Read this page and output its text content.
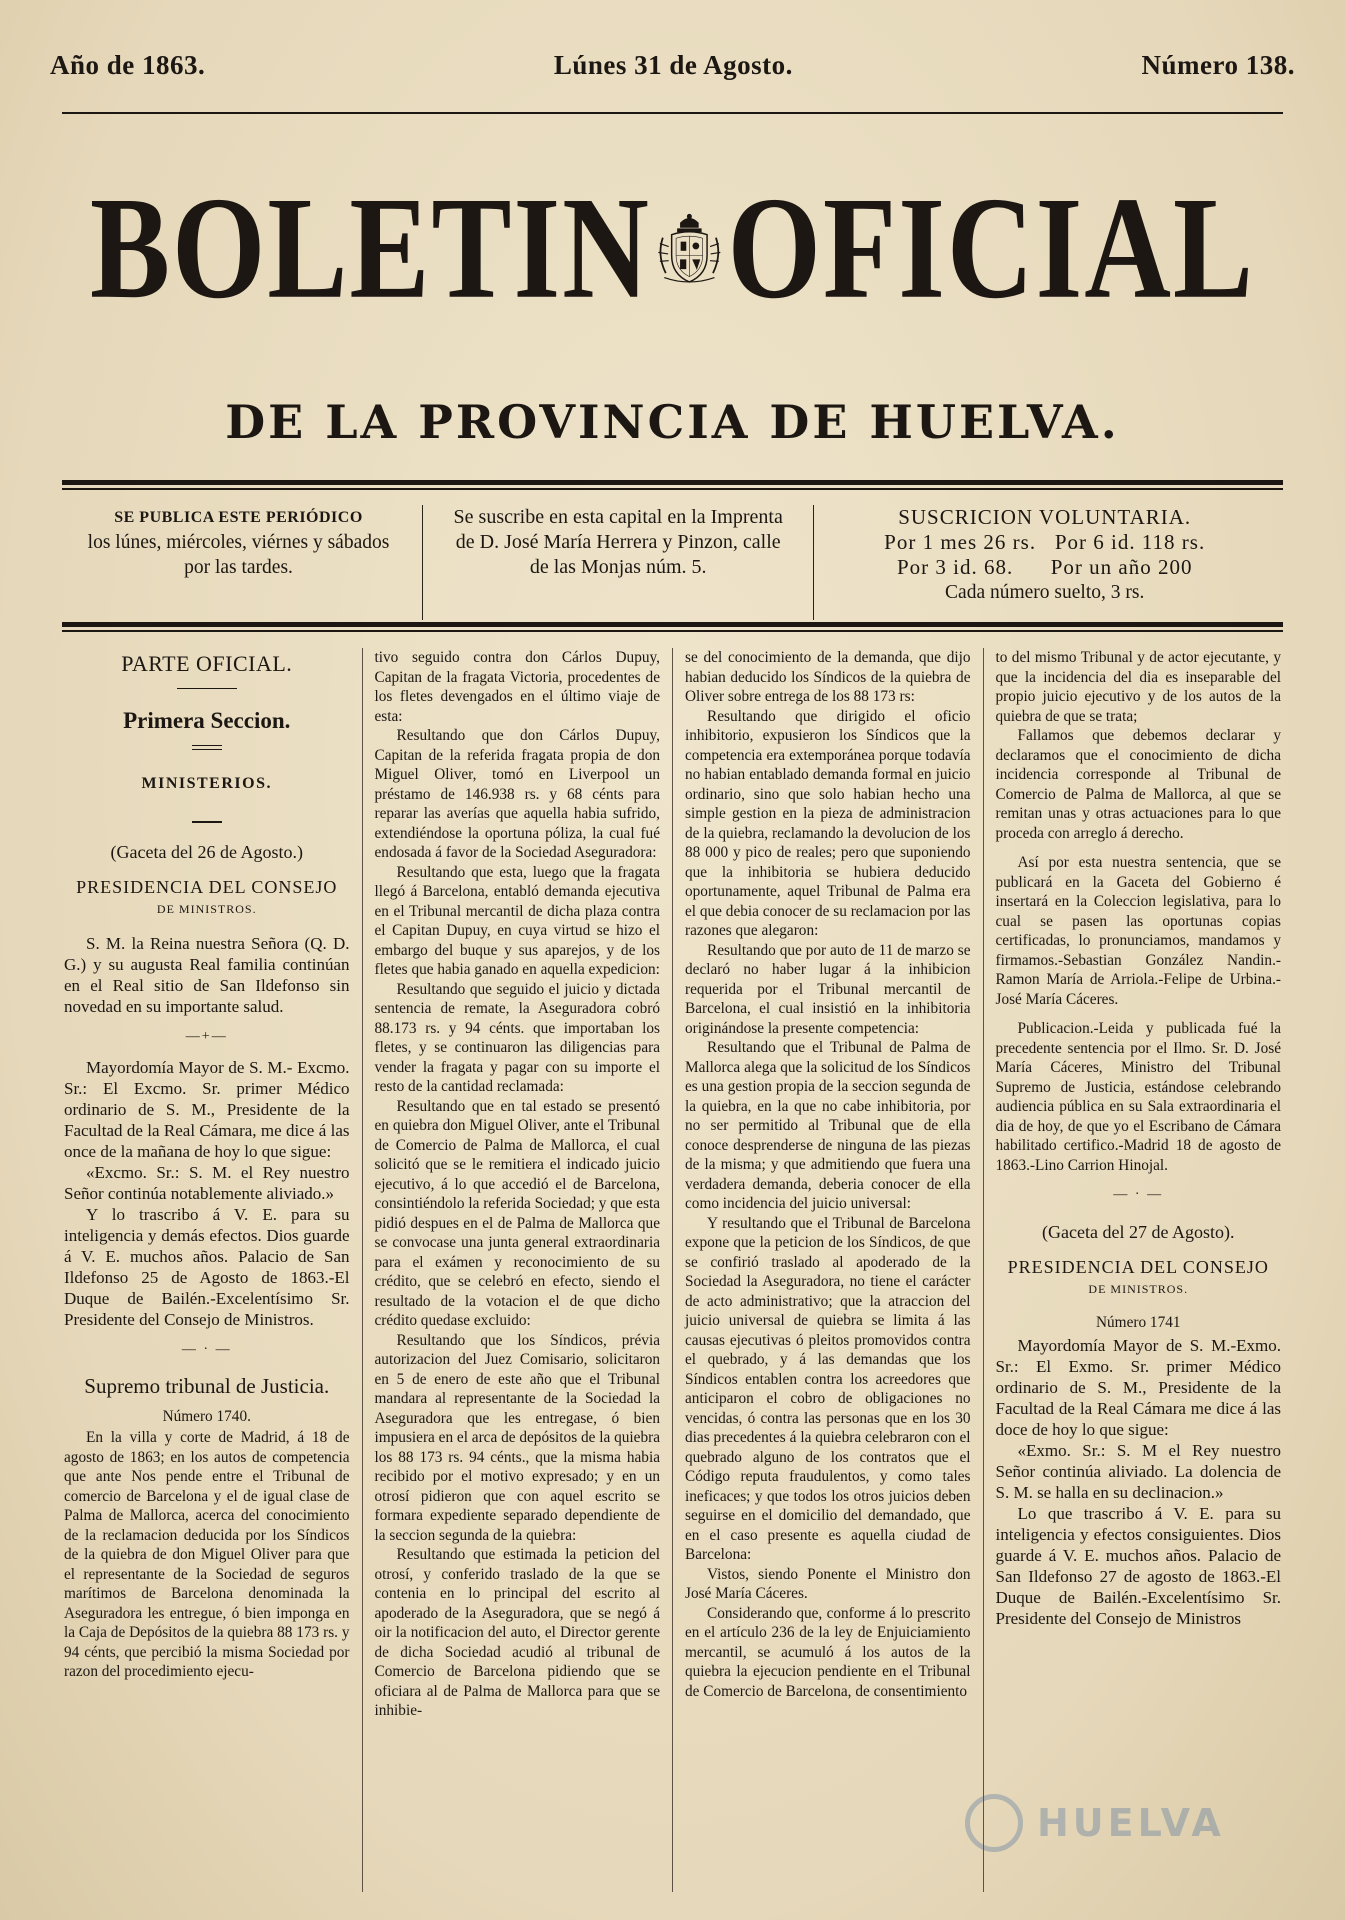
Año de 1863.	Lúnes 31 de Agosto.	Número 138.
BOLETIN OFICIAL
DE LA PROVINCIA DE HUELVA.
SE PUBLICA ESTE PERIÓDICO
los lúnes, miércoles, viérnes y sábados
por las tardes.
Se suscribe en esta capital en la Imprenta
de D. José María Herrera y Pinzon, calle
de las Monjas núm. 5.
SUSCRICION VOLUNTARIA.
Por 1 mes 26 rs.   Por 6 id. 118 rs.
Por 3 id. 68.      Por un año 200
Cada número suelto, 3 rs.

PARTE OFICIAL.

Primera Seccion.

MINISTERIOS.

(Gaceta del 26 de Agosto.)

PRESIDENCIA DEL CONSEJO

DE MINISTROS.

S. M. la Reina nuestra Señora (Q. D. G.) y su augusta Real familia continúan en el Real sitio de San Ildefonso sin novedad en su importante salud.

—+—

Mayordomía Mayor de S. M.- Excmo. Sr.: El Excmo. Sr. primer Médico ordinario de S. M., Presidente de la Facultad de la Real Cámara, me dice á las once de la mañana de hoy lo que sigue:

«Excmo. Sr.: S. M. el Rey nuestro Señor continúa notablemente aliviado.»

Y lo trascribo á V. E. para su inteligencia y demás efectos. Dios guarde á V. E. muchos años. Palacio de San Ildefonso 25 de Agosto de 1863.-El Duque de Bailén.-Excelentísimo Sr. Presidente del Consejo de Ministros.

— · —

Supremo tribunal de Justicia.

Número 1740.

En la villa y corte de Madrid, á 18 de agosto de 1863; en los autos de competencia que ante Nos pende entre el Tribunal de comercio de Barcelona y el de igual clase de Palma de Mallorca, acerca del conocimiento de la reclamacion deducida por los Síndicos de la quiebra de don Miguel Oliver para que el representante de la Sociedad de seguros marítimos de Barcelona denominada la Aseguradora les entregue, ó bien imponga en la Caja de Depósitos de la quiebra 88 173 rs. y 94 cénts, que percibió la misma Sociedad por razon del procedimiento ejecu-

tivo seguido contra don Cárlos Dupuy, Capitan de la fragata Victoria, procedentes de los fletes devengados en el último viaje de esta:

Resultando que don Cárlos Dupuy, Capitan de la referida fragata propia de don Miguel Oliver, tomó en Liverpool un préstamo de 146.938 rs. y 68 cénts para reparar las averías que aquella habia sufrido, extendiéndose la oportuna póliza, la cual fué endosada á favor de la Sociedad Aseguradora:

Resultando que esta, luego que la fragata llegó á Barcelona, entabló demanda ejecutiva en el Tribunal mercantil de dicha plaza contra el Capitan Dupuy, en cuya virtud se hizo el embargo del buque y sus aparejos, y de los fletes que habia ganado en aquella expedicion:

Resultando que seguido el juicio y dictada sentencia de remate, la Aseguradora cobró 88.173 rs. y 94 cénts. que importaban los fletes, y se continuaron las diligencias para vender la fragata y pagar con su importe el resto de la cantidad reclamada:

Resultando que en tal estado se presentó en quiebra don Miguel Oliver, ante el Tribunal de Comercio de Palma de Mallorca, el cual solicitó que se le remitiera el indicado juicio ejecutivo, á lo que accedió el de Barcelona, consintiéndolo la referida Sociedad; y que esta pidió despues en el de Palma de Mallorca que se convocase una junta general extraordinaria para el exámen y reconocimiento de su crédito, que se celebró en efecto, siendo el resultado de la votacion el de que dicho crédito quedase excluido:

Resultando que los Síndicos, prévia autorizacion del Juez Comisario, solicitaron en 5 de enero de este año que el Tribunal mandara al representante de la Sociedad la Aseguradora que les entregase, ó bien impusiera en el arca de depósitos de la quiebra los 88 173 rs. 94 cénts., que la misma habia recibido por el motivo expresado; y en un otrosí pidieron que con aquel escrito se formara expediente separado dependiente de la seccion segunda de la quiebra:

Resultando que estimada la peticion del otrosí, y conferido traslado de la que se contenia en lo principal del escrito al apoderado de la Aseguradora, que se negó á oir la notificacion del auto, el Director gerente de dicha Sociedad acudió al tribunal de Comercio de Barcelona pidiendo que se oficiara al de Palma de Mallorca para que se inhibie-

se del conocimiento de la demanda, que dijo habian deducido los Síndicos de la quiebra de Oliver sobre entrega de los 88 173 rs:

Resultando que dirigido el oficio inhibitorio, expusieron los Síndicos que la competencia era extemporánea porque todavía no habian entablado demanda formal en juicio ordinario, sino que solo habian hecho una simple gestion en la pieza de administracion de la quiebra, reclamando la devolucion de los 88 000 y pico de reales; pero que suponiendo que la inhibitoria se hubiera deducido oportunamente, aquel Tribunal de Palma era el que debia conocer de su reclamacion por las razones que alegaron:

Resultando que por auto de 11 de marzo se declaró no haber lugar á la inhibicion requerida por el Tribunal mercantil de Barcelona, el cual insistió en la inhibitoria originándose la presente competencia:

Resultando que el Tribunal de Palma de Mallorca alega que la solicitud de los Síndicos es una gestion propia de la seccion segunda de la quiebra, en la que no cabe inhibitoria, por no ser permitido al Tribunal que de ella conoce desprenderse de ninguna de las piezas de la misma; y que admitiendo que fuera una verdadera demanda, deberia conocer de ella como incidencia del juicio universal:

Y resultando que el Tribunal de Barcelona expone que la peticion de los Síndicos, de que se confirió traslado al apoderado de la Sociedad la Aseguradora, no tiene el carácter de acto administrativo; que la atraccion del juicio universal de quiebra se limita á las causas ejecutivas ó pleitos promovidos contra el quebrado, y á las demandas que los Síndicos entablen contra los acreedores que anticiparon el cobro de obligaciones no vencidas, ó contra las personas que en los 30 dias precedentes á la quiebra celebraron con el quebrado alguno de los contratos que el Código reputa fraudulentos, y como tales ineficaces; y que todos los otros juicios deben seguirse en el domicilio del demandado, que en el caso presente es aquella ciudad de Barcelona:

Vistos, siendo Ponente el Ministro don José María Cáceres.

Considerando que, conforme á lo prescrito en el artículo 236 de la ley de Enjuiciamiento mercantil, se acumuló á los autos de la quiebra la ejecucion pendiente en el Tribunal de Comercio de Barcelona, de consentimiento

to del mismo Tribunal y de actor ejecutante, y que la incidencia del dia es inseparable del propio juicio ejecutivo y de los autos de la quiebra de que se trata;

Fallamos que debemos declarar y declaramos que el conocimiento de dicha incidencia corresponde al Tribunal de Comercio de Palma de Mallorca, al que se remitan unas y otras actuaciones para lo que proceda con arreglo á derecho.

Así por esta nuestra sentencia, que se publicará en la Gaceta del Gobierno é insertará en la Coleccion legislativa, para lo cual se pasen las oportunas copias certificadas, lo pronunciamos, mandamos y firmamos.-Sebastian González Nandin.-Ramon María de Arriola.-Felipe de Urbina.-José María Cáceres.

Publicacion.-Leida y publicada fué la precedente sentencia por el Ilmo. Sr. D. José María Cáceres, Ministro del Tribunal Supremo de Justicia, estándose celebrando audiencia pública en su Sala extraordinaria el dia de hoy, de que yo el Escribano de Cámara habilitado certifico.-Madrid 18 de agosto de 1863.-Lino Carrion Hinojal.

— · —

(Gaceta del 27 de Agosto).

PRESIDENCIA DEL CONSEJO

DE MINISTROS.

Número 1741

Mayordomía Mayor de S. M.-Exmo. Sr.: El Exmo. Sr. primer Médico ordinario de S. M., Presidente de la Facultad de la Real Cámara me dice á las doce de hoy lo que sigue:

«Exmo. Sr.: S. M el Rey nuestro Señor continúa aliviado. La dolencia de S. M. se halla en su declinacion.»

Lo que trascribo á V. E. para su inteligencia y efectos consiguientes. Dios guarde á V. E. muchos años. Palacio de San Ildefonso 27 de agosto de 1863.-El Duque de Bailén.-Excelentísimo Sr. Presidente del Consejo de Ministros

HUELVA
